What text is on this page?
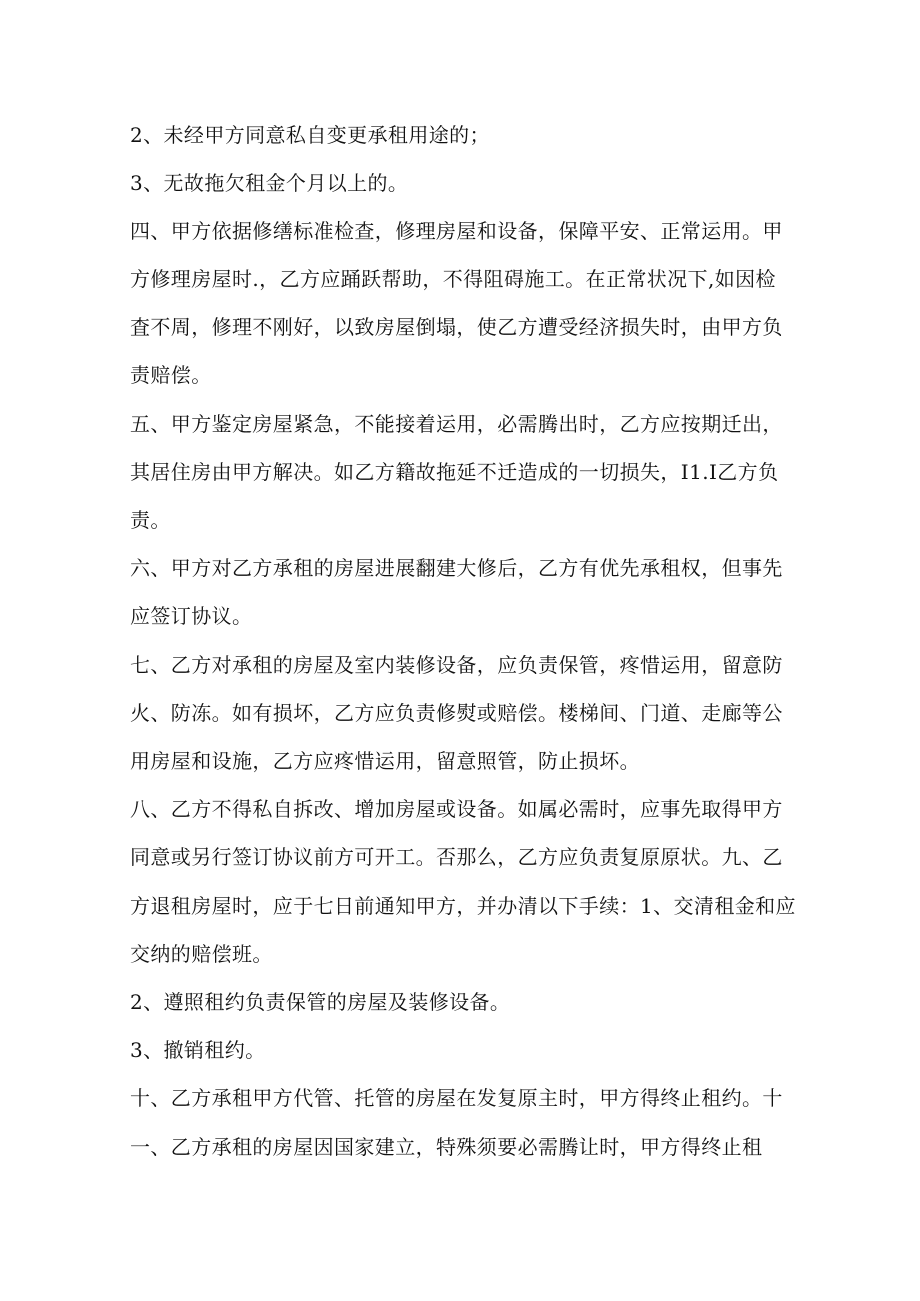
2、未经甲方同意私自变更承租用途的；
3、无故拖欠租金个月以上的。
四、甲方依据修缮标准检查，修理房屋和设备，保障平安、正常运用。甲
方修理房屋时.，乙方应踊跃帮助，不得阻碍施工。在正常状况下,如因检
査不周，修理不刚好，以致房屋倒塌，使乙方遭受经济损失时，由甲方负
责赔偿。
五、甲方鉴定房屋紧急，不能接着运用，必需腾出时，乙方应按期迁出，
其居住房由甲方解决。如乙方籍故拖延不迁造成的一切损失，I1.I乙方负
责。
六、甲方对乙方承租的房屋进展翻建大修后，乙方有优先承租权，但事先
应签订协议。
七、乙方对承租的房屋及室内装修设备，应负责保管，疼惜运用，留意防
火、防冻。如有损坏，乙方应负责修熨或赔偿。楼梯间、门道、走廊等公
用房屋和设施，乙方应疼惜运用，留意照管，防止损坏。
八、乙方不得私自拆改、增加房屋或设备。如属必需时，应事先取得甲方
同意或另行签订协议前方可开工。否那么，乙方应负责复原原状。九、乙
方退租房屋时，应于七日前通知甲方，并办清以下手续：1、交清租金和应
交纳的赔偿班。
2、遵照租约负责保管的房屋及装修设备。
3、撤销租约。
十、乙方承租甲方代管、托管的房屋在发复原主时，甲方得终止租约。十
一、乙方承租的房屋因国家建立，特殊须要必需腾让时，甲方得终止租
